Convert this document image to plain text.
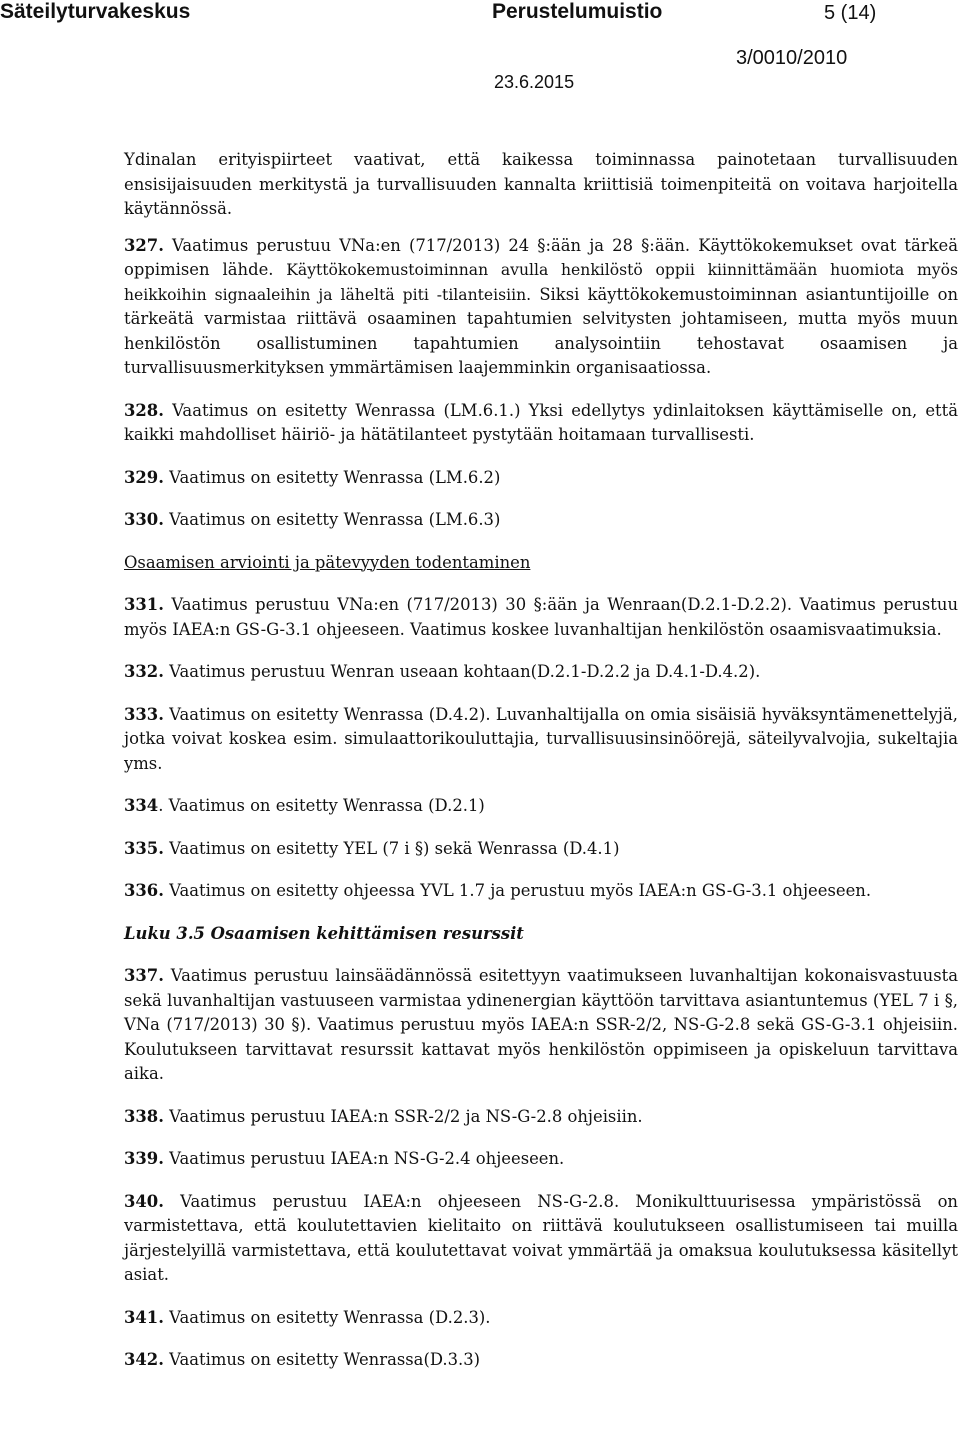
Säteilyturvakeskus	Perustelumuistio	5 (14)
3/0010/2010
23.6.2015

Ydinalan erityispiirteet vaativat, että kaikessa toiminnassa painotetaan turvallisuuden ensisijaisuuden merkitystä ja turvallisuuden kannalta kriittisiä toimenpiteitä on voitava harjoitella käytännössä.

327. Vaatimus perustuu VNa:en (717/2013) 24 §:ään ja 28 §:ään. Käyttökokemukset ovat tärkeä oppimisen lähde. Käyttökokemustoiminnan avulla henkilöstö oppii kiinnittämään huomiota myös heikkoihin signaaleihin ja läheltä piti -tilanteisiin. Siksi käyttökokemustoiminnan asiantuntijoille on tärkeätä varmistaa riittävä osaaminen tapahtumien selvitysten johtamiseen, mutta myös muun henkilöstön osallistuminen tapahtumien analysointiin tehostavat osaamisen ja turvallisuusmerkityksen ymmärtämisen laajemminkin organisaatiossa.

328. Vaatimus on esitetty Wenrassa (LM.6.1.) Yksi edellytys ydinlaitoksen käyttämiselle on, että kaikki mahdolliset häiriö- ja hätätilanteet pystytään hoitamaan turvallisesti.

329. Vaatimus on esitetty Wenrassa (LM.6.2)

330. Vaatimus on esitetty Wenrassa (LM.6.3)

Osaamisen arviointi ja pätevyyden todentaminen

331. Vaatimus perustuu VNa:en (717/2013) 30 §:ään ja Wenraan(D.2.1-D.2.2). Vaatimus perustuu myös IAEA:n GS-G-3.1 ohjeeseen. Vaatimus koskee luvanhaltijan henkilöstön osaamisvaatimuksia.

332. Vaatimus perustuu Wenran useaan kohtaan(D.2.1-D.2.2 ja D.4.1-D.4.2).

333. Vaatimus on esitetty Wenrassa (D.4.2). Luvanhaltijalla on omia sisäisiä hyväksyntämenettelyjä, jotka voivat koskea esim. simulaattorikouluttajia, turvallisuusinsinöörejä, säteilyvalvojia, sukeltajia yms.

334. Vaatimus on esitetty Wenrassa (D.2.1)

335. Vaatimus on esitetty YEL (7 i §) sekä Wenrassa (D.4.1)

336. Vaatimus on esitetty ohjeessa YVL 1.7 ja perustuu myös IAEA:n GS-G-3.1 ohjeeseen.

Luku 3.5 Osaamisen kehittämisen resurssit

337. Vaatimus perustuu lainsäädännössä esitettyyn vaatimukseen luvanhaltijan kokonaisvastuusta sekä luvanhaltijan vastuuseen varmistaa ydinenergian käyttöön tarvittava asiantuntemus (YEL 7 i §, VNa (717/2013) 30 §). Vaatimus perustuu myös IAEA:n SSR-2/2, NS-G-2.8 sekä GS-G-3.1 ohjeisiin. Koulutukseen tarvittavat resurssit kattavat myös henkilöstön oppimiseen ja opiskeluun tarvittava aika.

338. Vaatimus perustuu IAEA:n SSR-2/2 ja NS-G-2.8 ohjeisiin.

339. Vaatimus perustuu IAEA:n NS-G-2.4 ohjeeseen.

340. Vaatimus perustuu IAEA:n ohjeeseen NS-G-2.8. Monikulttuurisessa ympäristössä on varmistettava, että koulutettavien kielitaito on riittävä koulutukseen osallistumiseen tai muilla järjestelyillä varmistettava, että koulutettavat voivat ymmärtää ja omaksua koulutuksessa käsitellyt asiat.

341. Vaatimus on esitetty Wenrassa (D.2.3).

342. Vaatimus on esitetty Wenrassa(D.3.3)
